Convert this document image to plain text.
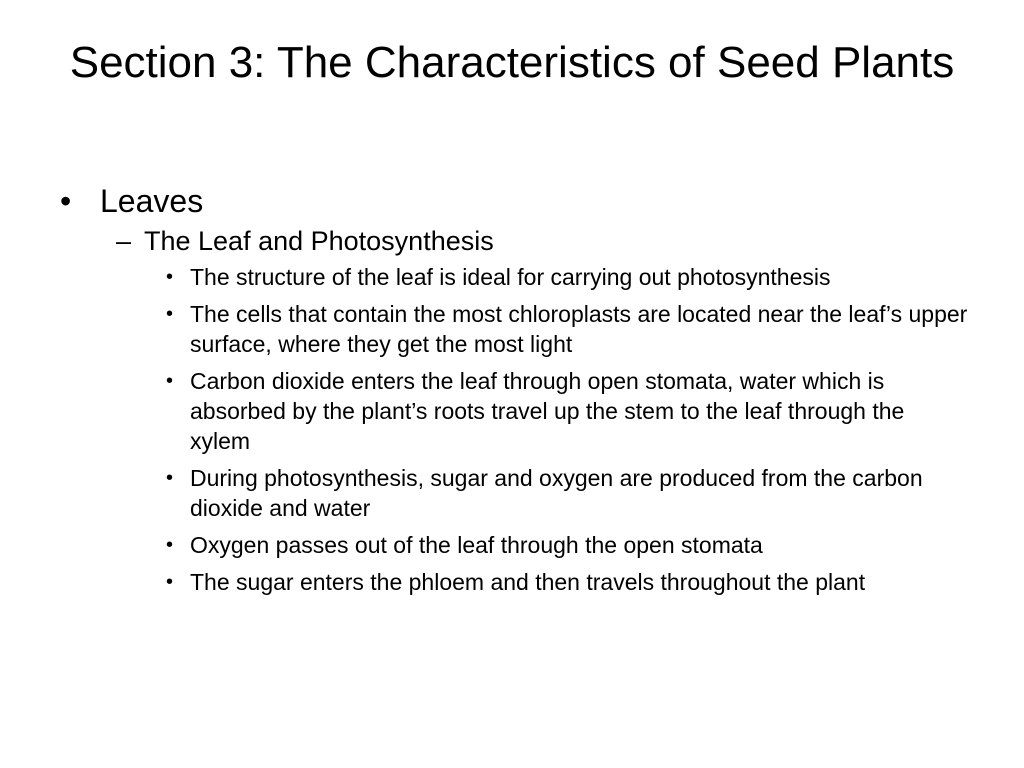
Section 3: The Characteristics of Seed Plants
• Leaves
– The Leaf and Photosynthesis
• The structure of the leaf is ideal for carrying out photosynthesis
• The cells that contain the most chloroplasts are located near the leaf’s upper surface, where they get the most light
• Carbon dioxide enters the leaf through open stomata, water which is absorbed by the plant’s roots travel up the stem to the leaf through the xylem
• During photosynthesis, sugar and oxygen are produced from the carbon dioxide and water
• Oxygen passes out of the leaf through the open stomata
• The sugar enters the phloem and then travels throughout the plant
